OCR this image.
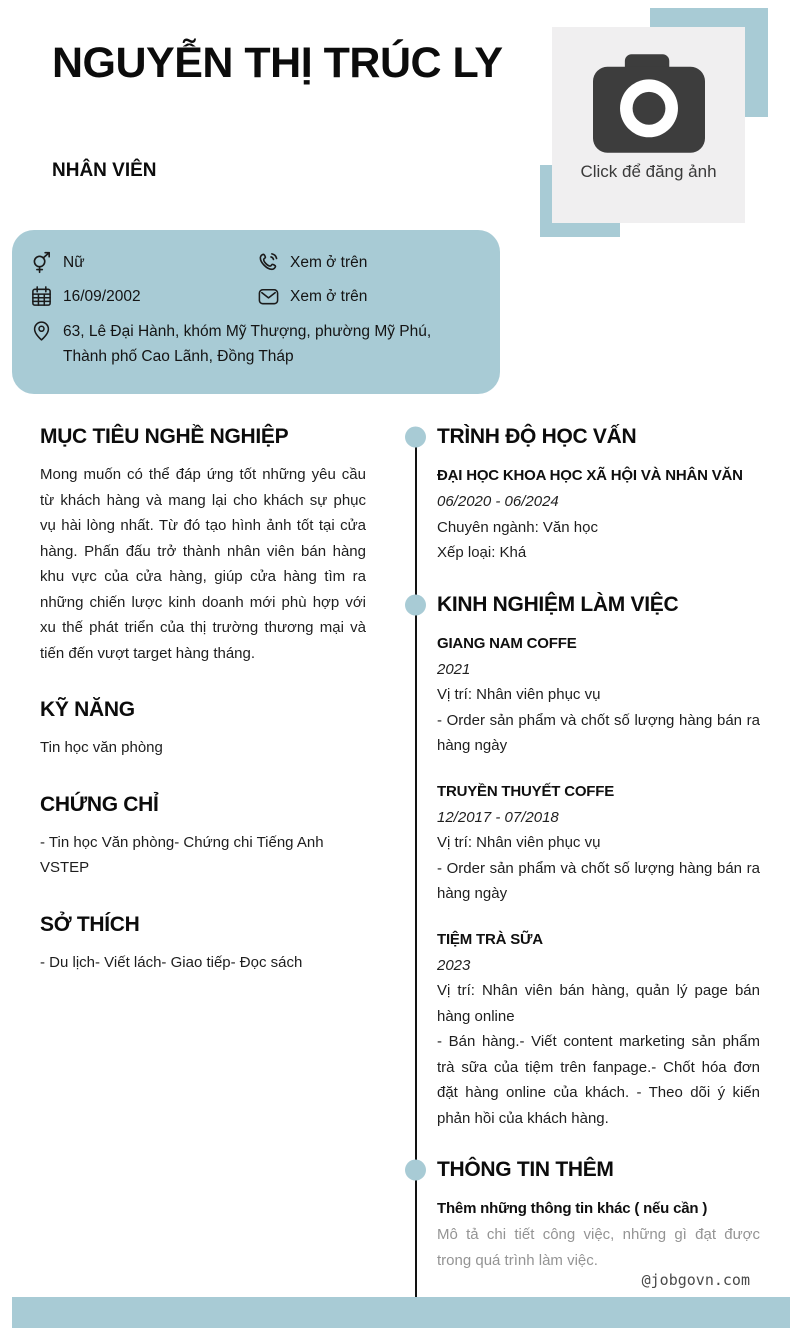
Click để đăng ảnh
NGUYỄN THỊ TRÚC LY
NHÂN VIÊN
Nữ	Xem ở trên
16/09/2002	Xem ở trên
63, Lê Đại Hành, khóm Mỹ Thượng, phường Mỹ Phú, Thành phố Cao Lãnh, Đồng Tháp
MỤC TIÊU NGHỀ NGHIỆP

Mong muốn có thể đáp ứng tốt những yêu cầu từ khách hàng và mang lại cho khách sự phục vụ hài lòng nhất. Từ đó tạo hình ảnh tốt tại cửa hàng. Phấn đấu trở thành nhân viên bán hàng khu vực của cửa hàng, giúp cửa hàng tìm ra những chiến lược kinh doanh mới phù hợp với xu thế phát triển của thị trường thương mại và tiến đến vượt target hàng tháng.

KỸ NĂNG

Tin học văn phòng

CHỨNG CHỈ

- Tin học Văn phòng- Chứng chi Tiếng Anh VSTEP

SỞ THÍCH

- Du lịch- Viết lách- Giao tiếp- Đọc sách

TRÌNH ĐỘ HỌC VẤN

ĐẠI HỌC KHOA HỌC XÃ HỘI VÀ NHÂN VĂN

06/2020 - 06/2024

Chuyên ngành: Văn học

Xếp loại: Khá

KINH NGHIỆM LÀM VIỆC

GIANG NAM COFFE

2021

Vị trí: Nhân viên phục vụ

- Order sản phẩm và chốt số lượng hàng bán ra hàng ngày

TRUYỀN THUYẾT COFFE

12/2017 - 07/2018

Vị trí: Nhân viên phục vụ

- Order sản phẩm và chốt số lượng hàng bán ra hàng ngày

TIỆM TRÀ SỮA

2023

Vị trí: Nhân viên bán hàng, quản lý page bán hàng online

- Bán hàng.- Viết content marketing sản phẩm trà sữa của tiệm trên fanpage.- Chốt hóa đơn đặt hàng online của khách. - Theo dõi ý kiến phản hồi của khách hàng.

THÔNG TIN THÊM

Thêm những thông tin khác ( nếu cần )

Mô tả chi tiết công việc, những gì đạt được trong quá trình làm việc.

@jobgovn.com
